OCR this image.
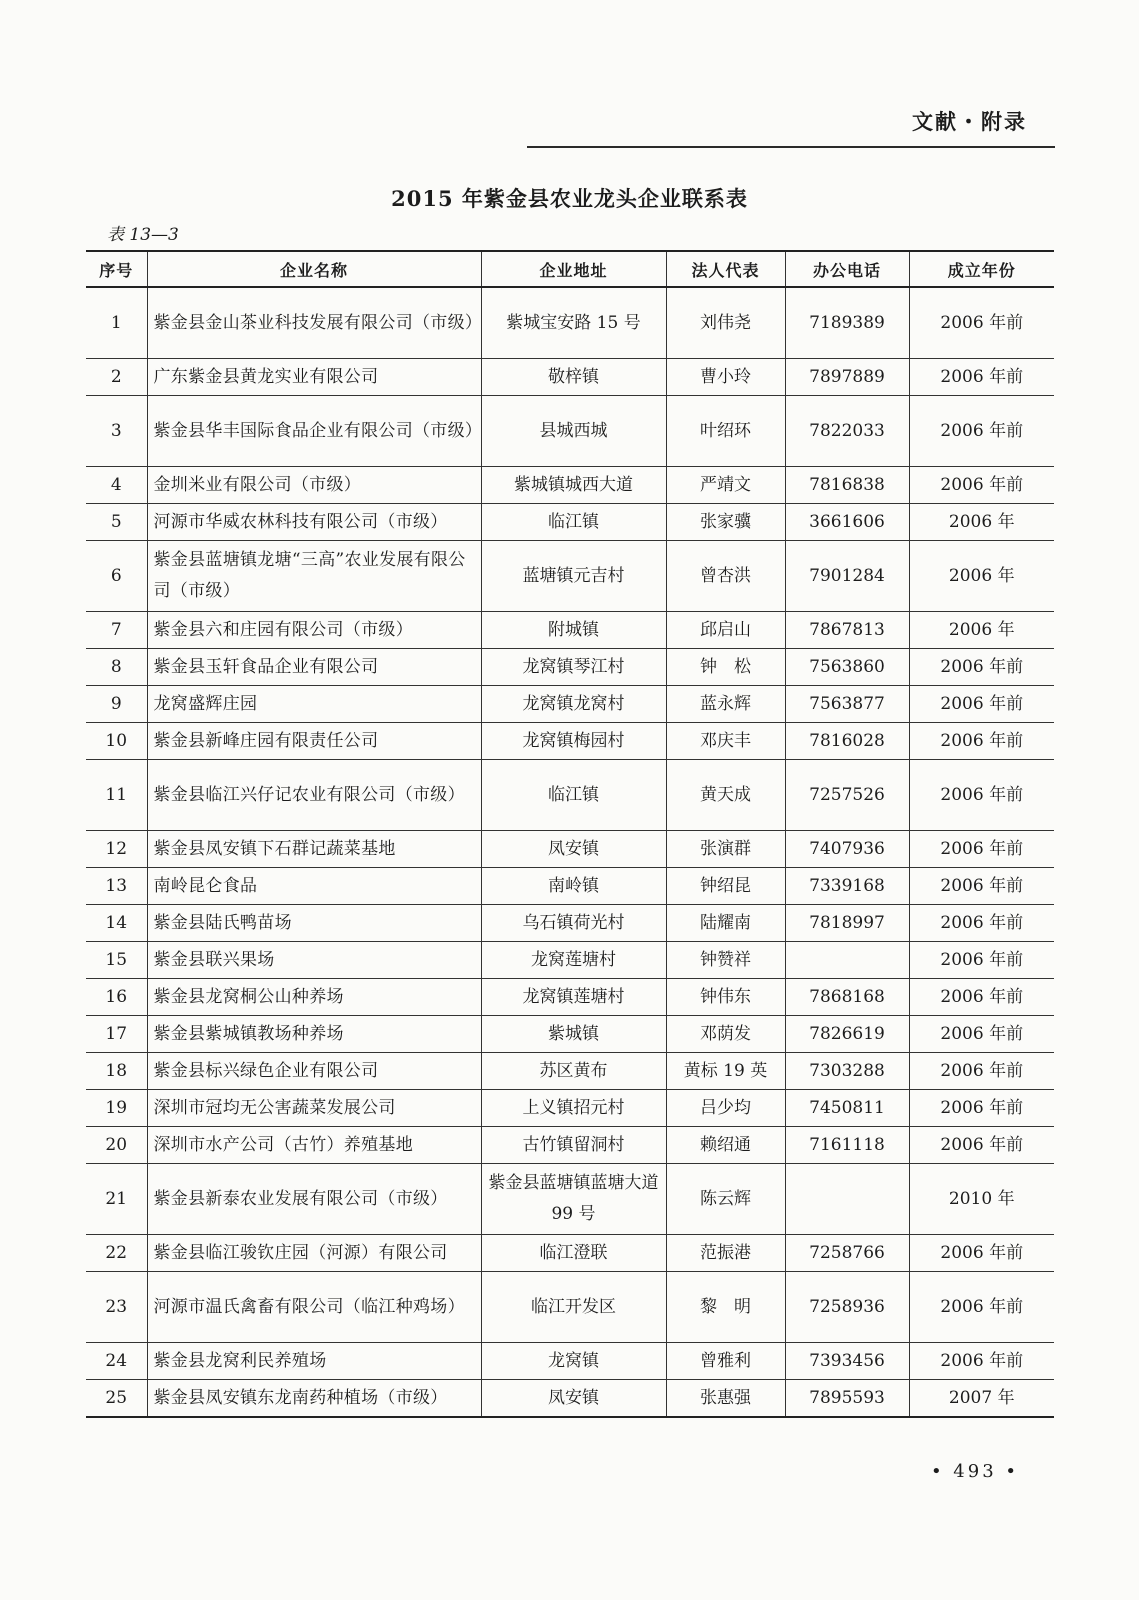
文献・附录
2015 年紫金县农业龙头企业联系表
表 13—3
序号	企业名称	企业地址	法人代表	办公电话	成立年份
1	紫金县金山茶业科技发展有限公司（市级）	紫城宝安路 15 号	刘伟尧	7189389	2006 年前
2	广东紫金县黄龙实业有限公司	敬梓镇	曹小玲	7897889	2006 年前
3	紫金县华丰国际食品企业有限公司（市级）	县城西城	叶绍环	7822033	2006 年前
4	金圳米业有限公司（市级）	紫城镇城西大道	严靖文	7816838	2006 年前
5	河源市华威农林科技有限公司（市级）	临江镇	张家骥	3661606	2006 年
6	紫金县蓝塘镇龙塘“三高”农业发展有限公司（市级）	蓝塘镇元吉村	曾杏洪	7901284	2006 年
7	紫金县六和庄园有限公司（市级）	附城镇	邱启山	7867813	2006 年
8	紫金县玉轩食品企业有限公司	龙窝镇琴江村	钟　松	7563860	2006 年前
9	龙窝盛辉庄园	龙窝镇龙窝村	蓝永辉	7563877	2006 年前
10	紫金县新峰庄园有限责任公司	龙窝镇梅园村	邓庆丰	7816028	2006 年前
11	紫金县临江兴仔记农业有限公司（市级）	临江镇	黄天成	7257526	2006 年前
12	紫金县凤安镇下石群记蔬菜基地	凤安镇	张演群	7407936	2006 年前
13	南岭昆仑食品	南岭镇	钟绍昆	7339168	2006 年前
14	紫金县陆氏鸭苗场	乌石镇荷光村	陆耀南	7818997	2006 年前
15	紫金县联兴果场	龙窝莲塘村	钟赞祥		2006 年前
16	紫金县龙窝桐公山种养场	龙窝镇莲塘村	钟伟东	7868168	2006 年前
17	紫金县紫城镇教场种养场	紫城镇	邓荫发	7826619	2006 年前
18	紫金县标兴绿色企业有限公司	苏区黄布	黄标 19 英	7303288	2006 年前
19	深圳市冠均无公害蔬菜发展公司	上义镇招元村	吕少均	7450811	2006 年前
20	深圳市水产公司（古竹）养殖基地	古竹镇留洞村	赖绍通	7161118	2006 年前
21	紫金县新泰农业发展有限公司（市级）	紫金县蓝塘镇蓝塘大道 99 号	陈云辉		2010 年
22	紫金县临江骏钦庄园（河源）有限公司	临江澄联	范振港	7258766	2006 年前
23	河源市温氏禽畜有限公司（临江种鸡场）	临江开发区	黎　明	7258936	2006 年前
24	紫金县龙窝利民养殖场	龙窝镇	曾雅利	7393456	2006 年前
25	紫金县凤安镇东龙南药种植场（市级）	凤安镇	张惠强	7895593	2007 年
• 493 •
